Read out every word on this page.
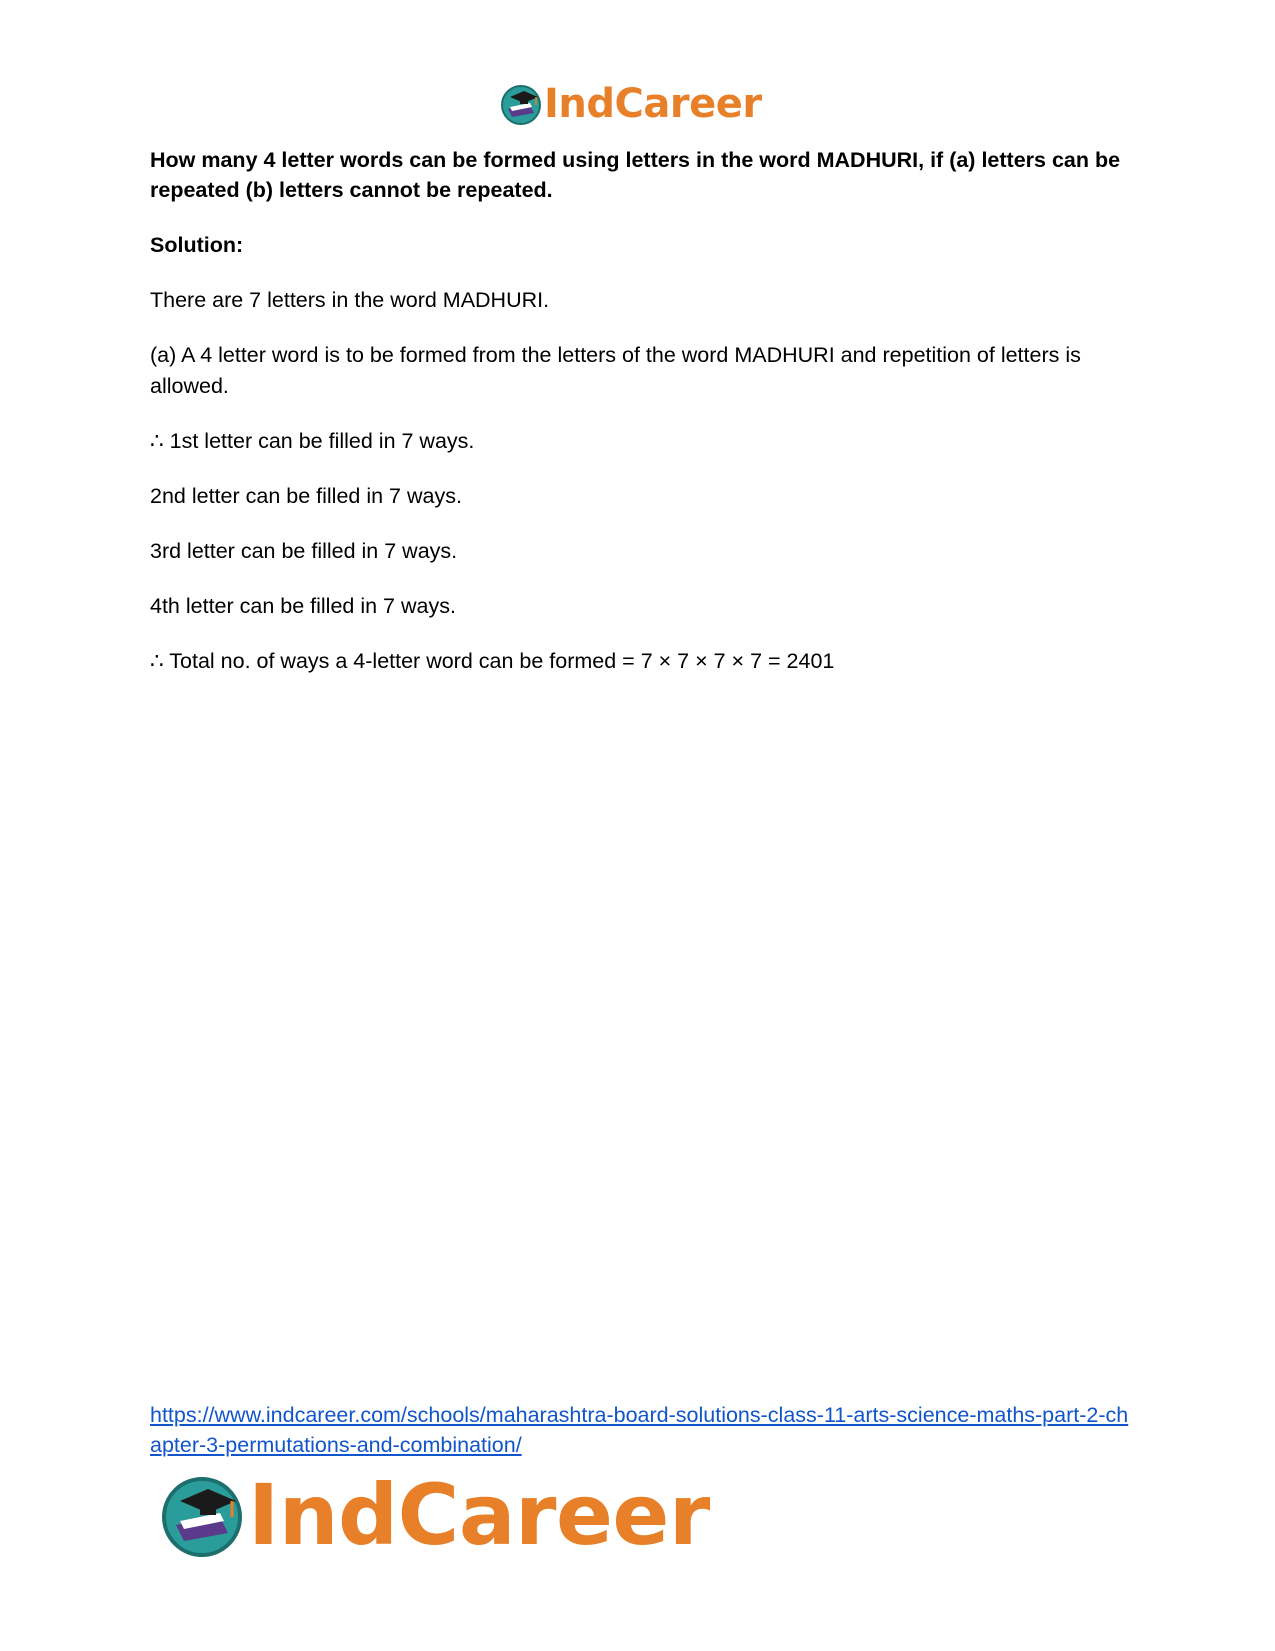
IndCareer

How many 4 letter words can be formed using letters in the word MADHURI, if (a) letters can be repeated (b) letters cannot be repeated.

Solution:

There are 7 letters in the word MADHURI.

(a) A 4 letter word is to be formed from the letters of the word MADHURI and repetition of letters is allowed.

∴ 1st letter can be filled in 7 ways.

2nd letter can be filled in 7 ways.

3rd letter can be filled in 7 ways.

4th letter can be filled in 7 ways.

∴ Total no. of ways a 4-letter word can be formed = 7 × 7 × 7 × 7 = 2401

https://www.indcareer.com/schools/maharashtra-board-solutions-class-11-arts-science-maths-part-2-chapter-3-permutations-and-combination/
IndCareer
